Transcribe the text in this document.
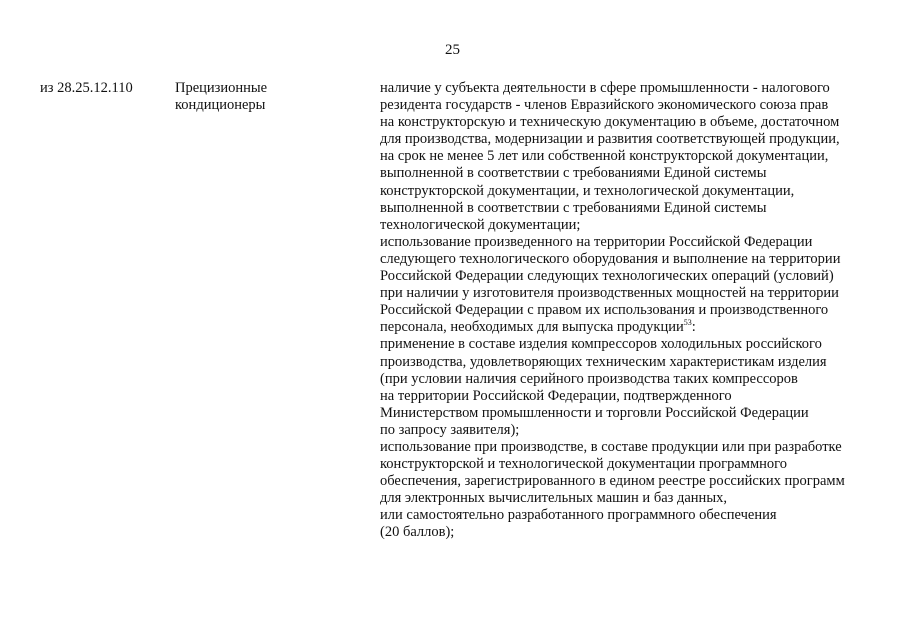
25
из 28.25.12.110	Прецизионные
кондиционеры
наличие у субъекта деятельности в сфере промышленности - налогового
резидента государств - членов Евразийского экономического союза прав
на конструкторскую и техническую документацию в объеме, достаточном
для производства, модернизации и развития соответствующей продукции,
на срок не менее 5 лет или собственной конструкторской документации,
выполненной в соответствии с требованиями Единой системы
конструкторской документации, и технологической документации,
выполненной в соответствии с требованиями Единой системы
технологической документации;
использование произведенного на территории Российской Федерации
следующего технологического оборудования и выполнение на территории
Российской Федерации следующих технологических операций (условий)
при наличии у изготовителя производственных мощностей на территории
Российской Федерации с правом их использования и производственного
персонала, необходимых для выпуска продукции$^{53}$:
применение в составе изделия компрессоров холодильных российского
производства, удовлетворяющих техническим характеристикам изделия
(при условии наличия серийного производства таких компрессоров
на территории Российской Федерации, подтвержденного
Министерством промышленности и торговли Российской Федерации
по запросу заявителя);
использование при производстве, в составе продукции или при разработке
конструкторской и технологической документации программного
обеспечения, зарегистрированного в едином реестре российских программ
для электронных вычислительных машин и баз данных,
или самостоятельно разработанного программного обеспечения
(20 баллов);
